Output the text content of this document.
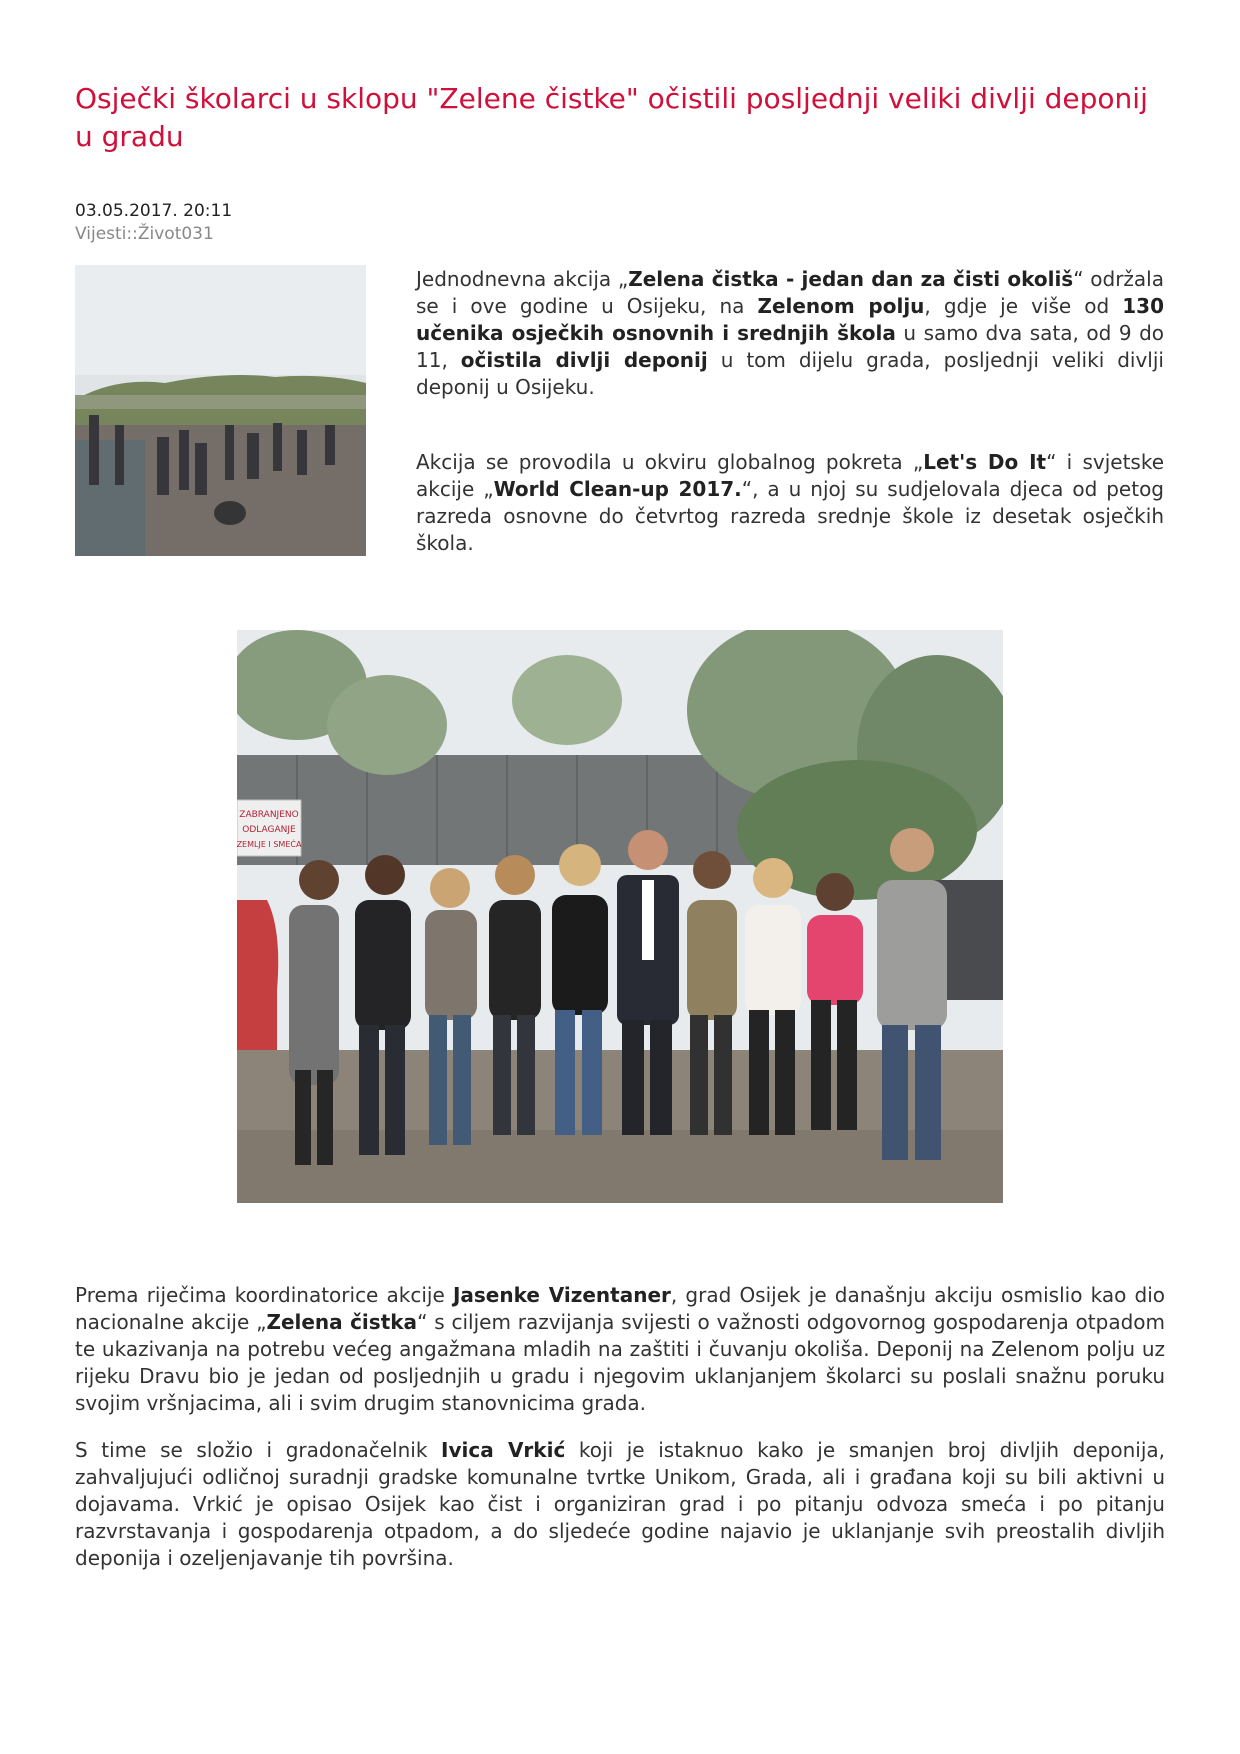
Osječki školarci u sklopu "Zelene čistke" očistili posljednji veliki divlji deponij u gradu
03.05.2017. 20:11
Vijesti::Život031

Jednodnevna akcija „Zelena čistka - jedan dan za čisti okoliš“ održala se i ove godine u Osijeku, na Zelenom polju, gdje je više od 130 učenika osječkih osnovnih i srednjih škola u samo dva sata, od 9 do 11, očistila divlji deponij u tom dijelu grada, posljednji veliki divlji deponij u Osijeku.

Akcija se provodila u okviru globalnog pokreta „Let's Do It“ i svjetske akcije „World Clean-up 2017.“, a u njoj su sudjelovala djeca od petog razreda osnovne do četvrtog razreda srednje škole iz desetak osječkih škola.

ZABRANJENO
ODLAGANJE
ZEMLJE I SMEĆA

Prema riječima koordinatorice akcije Jasenke Vizentaner, grad Osijek je današnju akciju osmislio kao dio nacionalne akcije „Zelena čistka“ s ciljem razvijanja svijesti o važnosti odgovornog gospodarenja otpadom te ukazivanja na potrebu većeg angažmana mladih na zaštiti i čuvanju okoliša. Deponij na Zelenom polju uz rijeku Dravu bio je jedan od posljednjih u gradu i njegovim uklanjanjem školarci su poslali snažnu poruku svojim vršnjacima, ali i svim drugim stanovnicima grada.

S time se složio i gradonačelnik Ivica Vrkić koji je istaknuo kako je smanjen broj divljih deponija, zahvaljujući odličnoj suradnji gradske komunalne tvrtke Unikom, Grada, ali i građana koji su bili aktivni u dojavama. Vrkić je opisao Osijek kao čist i organiziran grad i po pitanju odvoza smeća i po pitanju razvrstavanja i gospodarenja otpadom, a do sljedeće godine najavio je uklanjanje svih preostalih divljih deponija i ozeljenjavanje tih površina.
